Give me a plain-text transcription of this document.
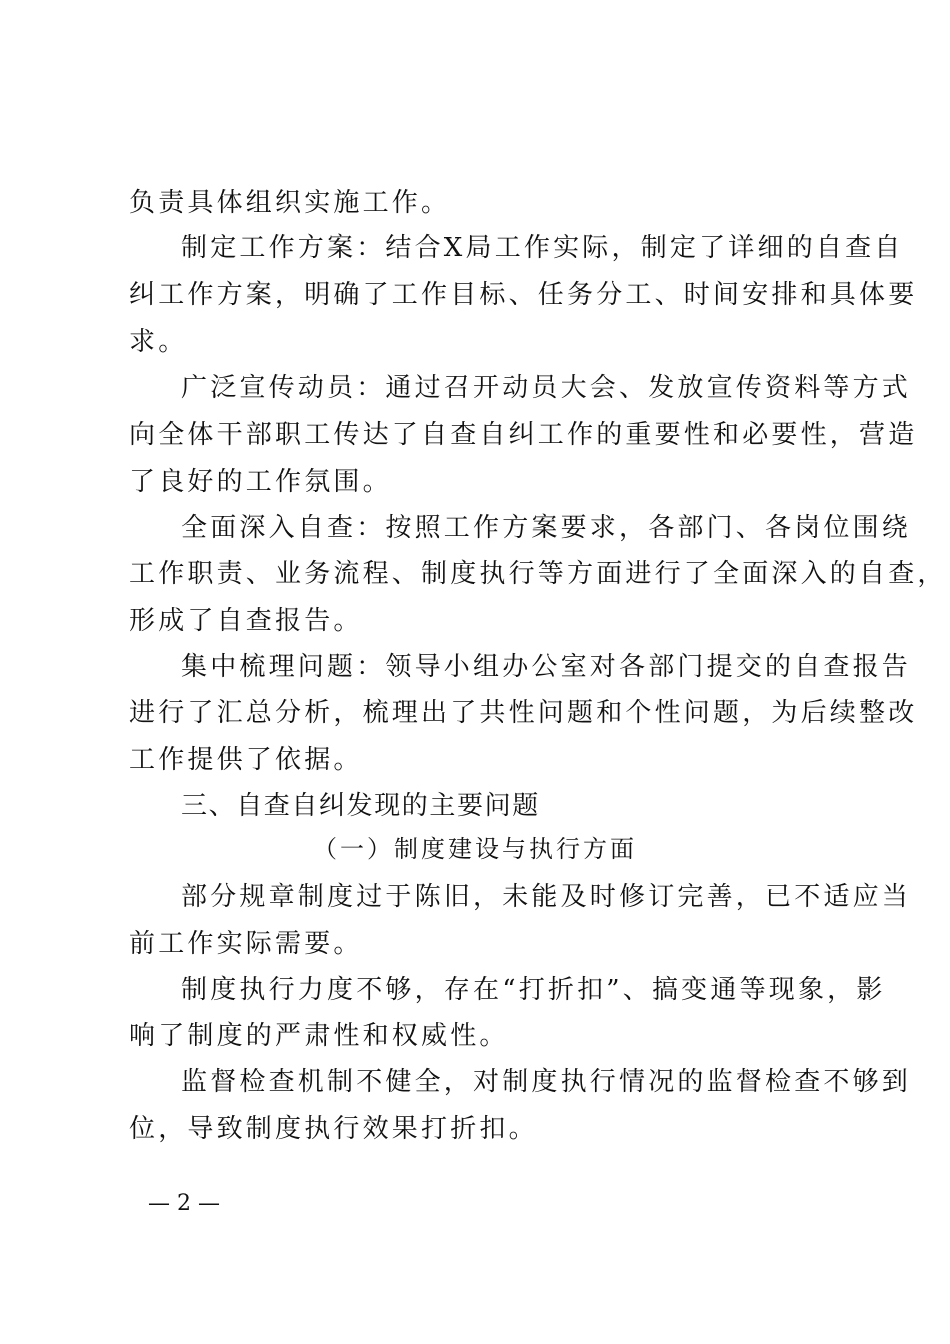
负责具体组织实施工作。
制定工作方案：结合X局工作实际，制定了详细的自查自
纠工作方案，明确了工作目标、任务分工、时间安排和具体要
求。
广泛宣传动员：通过召开动员大会、发放宣传资料等方式
向全体干部职工传达了自查自纠工作的重要性和必要性，营造
了良好的工作氛围。
全面深入自查：按照工作方案要求，各部门、各岗位围绕
工作职责、业务流程、制度执行等方面进行了全面深入的自查，
形成了自查报告。
集中梳理问题：领导小组办公室对各部门提交的自查报告
进行了汇总分析，梳理出了共性问题和个性问题，为后续整改
工作提供了依据。
三、自查自纠发现的主要问题
（一）制度建设与执行方面
部分规章制度过于陈旧，未能及时修订完善，已不适应当
前工作实际需要。
制度执行力度不够，存在“打折扣”、搞变通等现象，影
响了制度的严肃性和权威性。
监督检查机制不健全，对制度执行情况的监督检查不够到
位，导致制度执行效果打折扣。
— 2 —
